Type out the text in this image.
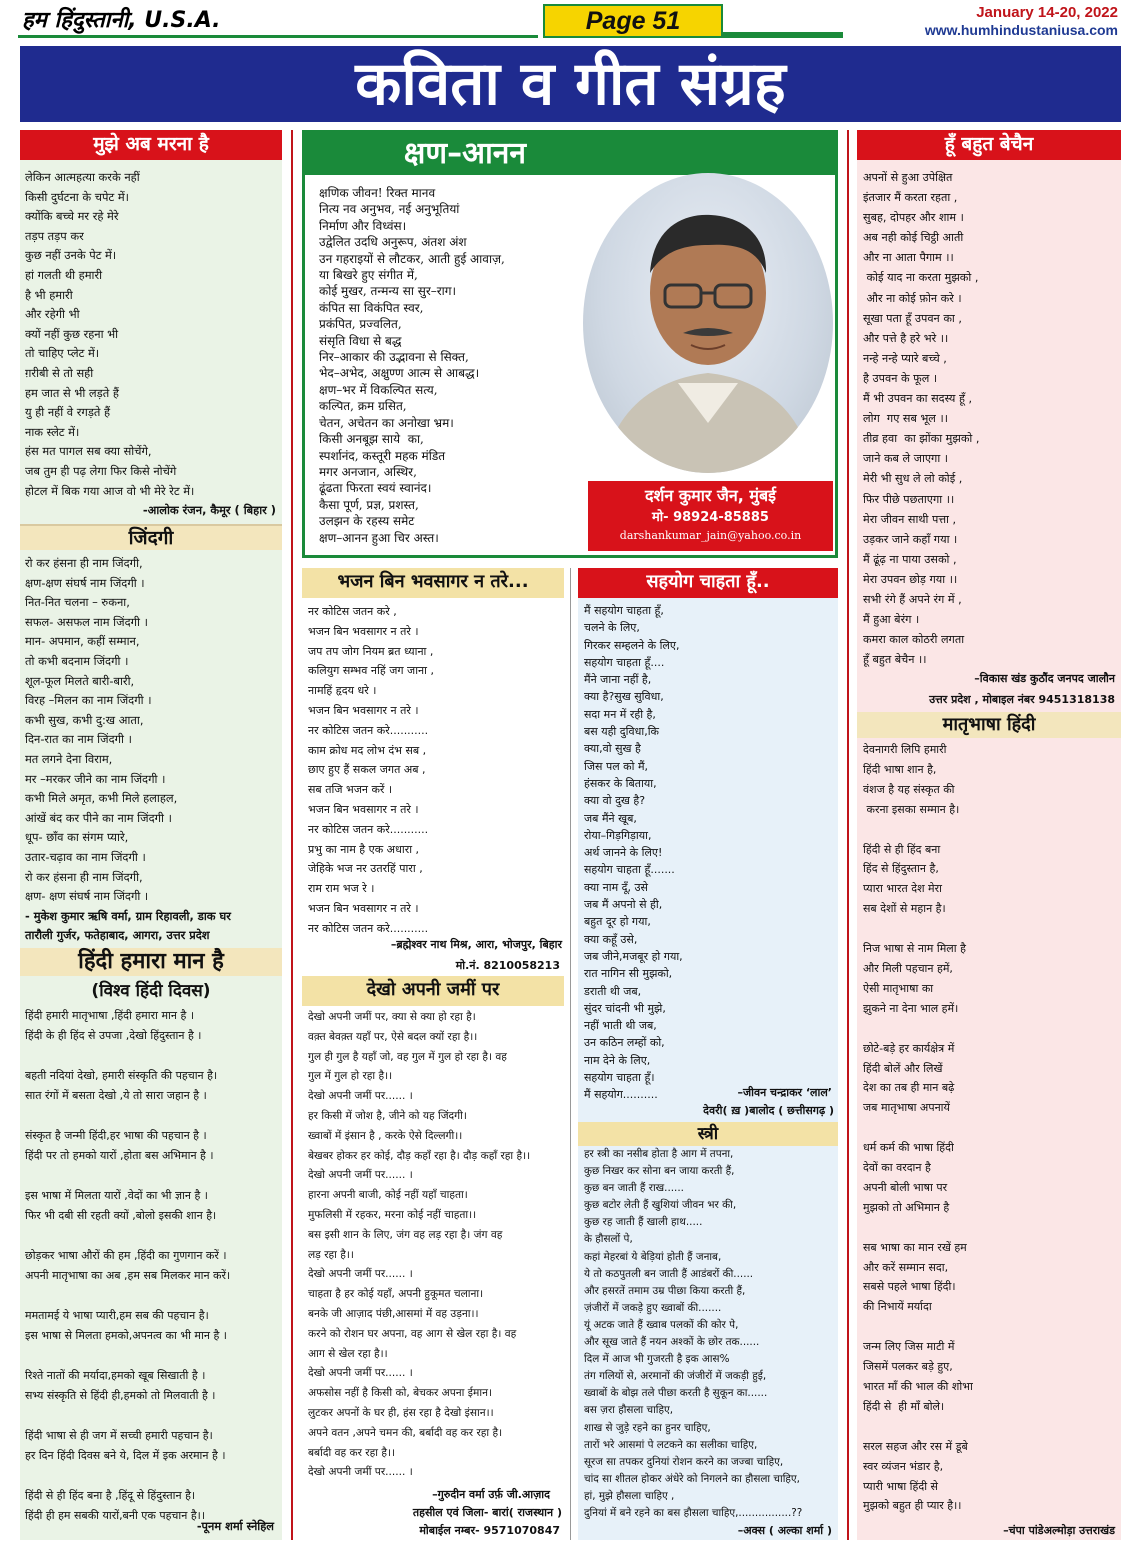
हम हिंदुस्तानी, U.S.A.	Page 51	January 14-20, 2022
www.humhindustaniusa.com
कविता व गीत संग्रह
मुझे अब मरना है
लेकिन आत्महत्या करके नहीं
किसी दुर्घटना के चपेट में।
क्योंकि बच्चे मर रहे मेरे
तड़प तड़प कर
कुछ नहीं उनके पेट में।
हां गलती थी हमारी
है भी हमारी
और रहेगी भी
क्यों नहीं कुछ रहना भी
तो चाहिए प्लेट में।
ग़रीबी से तो सही
हम जात से भी लड़ते हैं
यु ही नहीं वे रगड़ते हैं
नाक स्लेट में।
हंस मत पागल सब क्या सोचेंगे,
जब तुम ही पढ़ लेगा फिर किसे नोचेंगे
होटल में बिक गया आज वो भी मेरे रेट में।
-आलोक रंजन, कैमूर ( बिहार )
जिंदगी
रो कर हंसना ही नाम जिंदगी,
क्षण-क्षण संघर्ष नाम जिंदगी ।
नित-नित चलना – रुकना,
सफल- असफल नाम जिंदगी ।
मान- अपमान, कहीं सम्मान,
तो कभी बदनाम जिंदगी ।
शूल-फूल मिलते बारी-बारी,
विरह –मिलन का नाम जिंदगी ।
कभी सुख, कभी दु:ख आता,
दिन-रात का नाम जिंदगी ।
मत लगने देना विराम,
मर –मरकर जीने का नाम जिंदगी ।
कभी मिले अमृत, कभी मिले हलाहल,
आंखें बंद कर पीने का नाम जिंदगी ।
धूप- छाँव का संगम प्यारे,
उतार-चढ़ाव का नाम जिंदगी ।
रो कर हंसना ही नाम जिंदगी,
क्षण- क्षण संघर्ष नाम जिंदगी ।
- मुकेश कुमार ऋषि वर्मा, ग्राम रिहावली, डाक घर
तारौली गुर्जर, फतेहाबाद, आगरा, उत्तर प्रदेश
हिंदी हमारा मान है
(विश्व हिंदी दिवस)
हिंदी हमारी मातृभाषा ,हिंदी हमारा मान है ।
हिंदी के ही हिंद से उपजा ,देखो हिंदुस्तान है ।

बहती नदियां देखो, हमारी संस्कृति की पहचान है।
सात रंगों में बसता देखो ,ये तो सारा जहान है ।

संस्कृत है जन्मी हिंदी,हर भाषा की पहचान है ।
हिंदी पर तो हमको यारों ,होता बस अभिमान है ।

इस भाषा में मिलता यारों ,वेदों का भी ज्ञान है ।
फिर भी दबी सी रहती क्यों ,बोलो इसकी शान है।

छोड़कर भाषा औरों की हम ,हिंदी का गुणगान करें ।
अपनी मातृभाषा का अब ,हम सब मिलकर मान करें।

ममतामई ये भाषा प्यारी,हम सब की पहचान है।
इस भाषा से मिलता हमको,अपनत्व का भी मान है ।

रिश्ते नातों की मर्यादा,हमको खूब सिखाती है ।
सभ्य संस्कृति से हिंदी ही,हमको तो मिलवाती है ।

हिंदी भाषा से ही जग में सच्ची हमारी पहचान है।
हर दिन हिंदी दिवस बने ये, दिल में इक अरमान है ।

हिंदी से ही हिंद बना है ,हिंदू से हिंदुस्तान है।
हिंदी ही हम सबकी यारों,बनी एक पहचान है।।
-पूनम शर्मा स्नेहिल
क्षण–आनन
क्षणिक जीवन! रिक्त मानव
नित्य नव अनुभव, नई अनुभूतियां
निर्माण और विध्वंस।
उद्वेलित उदधि अनुरूप, अंतश अंश
उन गहराइयों से लौटकर, आती हुई आवाज़,
या बिखरे हुए संगीत में,
कोई मुखर, तन्मन्य सा सुर–राग।
कंपित सा विकंपित स्वर,
प्रकंपित, प्रज्वलित,
संसृति विधा से बद्ध
निर–आकार की उद्भावना से सिक्त,
भेद–अभेद, अक्षुण्ण आत्म से आबद्ध।
क्षण–भर में विकल्पित सत्य,
कल्पित, क्रम ग्रसित,
चेतन, अचेतन का अनोखा भ्रम।
किसी अनबूझ साये  का,
स्पर्शानंद, कस्तूरी महक मंडित
मगर अनजान, अस्थिर,
ढूंढता फिरता स्वयं स्वानंद।
कैसा पूर्ण, प्रज्ञ, प्रशस्त,
उलझन के रहस्य समेट
क्षण–आनन हुआ चिर अस्त।
दर्शन कुमार जैन, मुंबई
मो- 98924-85885
darshankumar_jain@yahoo.co.in
भजन बिन भवसागर न तरे...
नर कोटिस जतन करे ,
भजन बिन भवसागर न तरे ।
जप तप जोग नियम ब्रत ध्याना ,
कलियुग सम्भव नहिं जग जाना ,
नामहिं हृदय धरे ।
भजन बिन भवसागर न तरे ।
नर कोटिस जतन करे...........
काम क्रोध मद लोभ दंभ सब ,
छाए हुए हैं सकल जगत अब ,
सब तजि भजन करें ।
भजन बिन भवसागर न तरे ।
नर कोटिस जतन करे...........
प्रभु का नाम है एक अधारा ,
जेहिके भज नर उतरहिं पारा ,
राम राम भज रे ।
भजन बिन भवसागर न तरे ।
नर कोटिस जतन करे...........
–ब्रह्मेश्वर नाथ मिश्र, आरा, भोजपुर, बिहार
मो.नं. 8210058213
देखो अपनी जमीं पर
देखो अपनी जमीं पर, क्या से क्या हो रहा है।
वक़्त बेवक़्त यहाँ पर, ऐसे बदल क्यों रहा है।।
गुल ही गुल है यहाँ जो, वह गुल में गुल हो रहा है। वह
गुल में गुल हो रहा है।।
देखो अपनी जमीं पर...... ।
हर किसी में जोश है, जीने को यह जिंदगी।
ख्वाबों में इंसान है , करके ऐसे दिल्लगी।।
बेखबर होकर हर कोई, दौड़ कहाँ रहा है। दौड़ कहाँ रहा है।।
देखो अपनी जमीं पर...... ।
हारना अपनी बाजी, कोई नहीं यहाँ चाहता।
मुफलिसी में रहकर, मरना कोई नहीं चाहता।।
बस इसी शान के लिए, जंग वह लड़ रहा है। जंग वह
लड़ रहा है।।
देखो अपनी जमीं पर...... ।
चाहता है हर कोई यहाँ, अपनी हुकूमत चलाना।
बनके जी आज़ाद पंछी,आसमां में वह उड़ना।।
करने को रोशन घर अपना, वह आग से खेल रहा है। वह
आग से खेल रहा है।।
देखो अपनी जमीं पर...... ।
अफसोस नहीं है किसी को, बेचकर अपना ईमान।
लुटकर अपनों के घर ही, हंस रहा है देखो इंसान।।
अपने वतन ,अपने चमन की, बर्बादी वह कर रहा है।
बर्बादी वह कर रहा है।।
देखो अपनी जमीं पर...... ।
–गुरुदीन वर्मा उर्फ़ जी.आज़ाद
तहसील एवं जिला- बारां( राजस्थान )
मोबाईल नम्बर- 9571070847
सहयोग चाहता हूँ..
मैं सहयोग चाहता हूँ,
चलने के लिए,
गिरकर सम्हलने के लिए,
सहयोग चाहता हूँ....
मैंने जाना नहीं है,
क्या है?सुख सुविधा,
सदा मन में रही है,
बस यही दुविधा,कि
क्या,वो सुख है
जिस पल को मैं,
हंसकर के बिताया,
क्या वो दुख है?
जब मैंने खूब,
रोया–गिड़गिड़ाया,
अर्थ जानने के लिए!
सहयोग चाहता हूँ.......
क्या नाम दूँ, उसे
जब मैं अपनो से ही,
बहुत दूर हो गया,
क्या कहूँ उसे,
जब जीने,मजबूर हो गया,
रात नागिन सी मुझको,
डराती थी जब,
सुंदर चांदनी भी मुझे,
नहीं भाती थी जब,
उन कठिन लम्हों को,
नाम देने के लिए,
सहयोग चाहता हूँ।
मैं सहयोग..........	–जीवन चन्द्राकर ‘लाल’
देवरी( ख़ )बालोद ( छत्तीसगढ़ )
स्त्री
हर स्त्री का नसीब होता है आग में तपना,
कुछ निखर कर सोना बन जाया करती हैं,
कुछ बन जाती हैं राख......
कुछ बटोर लेती हैं खुशियां जीवन भर की,
कुछ रह जाती हैं खाली हाथ.....
के हौसलों पे,
कहां मेहरबां ये बेड़ियां होती हैं जनाब,
ये तो कठपुतली बन जाती हैं आडंबरों की......
और हसरतें तमाम उम्र पीछा किया करती हैं,
ज़ंजीरों में जकड़े हुए ख्वाबों की.......
यूं अटक जाते हैं ख्वाब पलकों की कोर पे,
और सूख जाते हैं नयन अश्कों के छोर तक......
दिल में आज भी गुजरती है इक आस%
तंग गलियों से, अरमानों की जंजीरों में जकड़ी हुई,
ख्वाबों के बोझ तले पीछा करती है सुकून का......
बस ज़रा हौसला चाहिए,
शाख से जुड़े रहने का हुनर चाहिए,
तारों भरे आसमां पे लटकने का सलीका चाहिए,
सूरज सा तपकर दुनियां रोशन करने का जज्बा चाहिए,
चांद सा शीतल होकर अंधेरे को निगलने का हौसला चाहिए,
हां, मुझे हौसला चाहिए ,
दुनियां में बने रहने का बस हौसला चाहिए,................??
–अक्स ( अल्का शर्मा )
हूँ बहुत बेचैन
अपनों से हुआ उपेक्षित
इंतजार मैं करता रहता ,
सुबह, दोपहर और शाम ।
अब नही कोई चिट्ठी आती
और ना आता पैगाम ।।
कोई याद ना करता मुझको ,
और ना कोई फ़ोन करे ।
सूखा पता हूँ उपवन का ,
और पत्ते है हरे भरे ।।
नन्हे नन्हे प्यारे बच्चे ,
है उपवन के फूल ।
मैं भी उपवन का सदस्य हूँ ,
लोग  गए सब भूल ।।
तीव्र हवा  का झोंका मुझको ,
जाने कब ले जाएगा ।
मेरी भी सुध ले लो कोई ,
फिर पीछे पछताएगा ।।
मेरा जीवन साथी पत्ता ,
उड़कर जाने कहाँ गया ।
मैं ढूंढ़ ना पाया उसको ,
मेरा उपवन छोड़ गया ।।
सभी रंगे हैं अपने रंग में ,
मैं हुआ बेरंग ।
कमरा काल कोठरी लगता
हूँ बहुत बेचैन ।।
–विकास खंड कुठौंद जनपद जालौन
उत्तर प्रदेश , मोबाइल नंबर 9451318138
मातृभाषा हिंदी
देवनागरी लिपि हमारी
हिंदी भाषा शान है,
वंशज है यह संस्कृत की
करना इसका सम्मान है।

हिंदी से ही हिंद बना
हिंद से हिंदुस्तान है,
प्यारा भारत देश मेरा
सब देशों से महान है।

निज भाषा से नाम मिला है
और मिली पहचान हमें,
ऐसी मातृभाषा का
झुकने ना देना भाल हमें।

छोटे-बड़े हर कार्यक्षेत्र में
हिंदी बोलें और लिखें
देश का तब ही मान बढ़े
जब मातृभाषा अपनायें

धर्म कर्म की भाषा हिंदी
देवों का वरदान है
अपनी बोली भाषा पर
मुझको तो अभिमान है

सब भाषा का मान रखें हम
और करें सम्मान सदा,
सबसे पहले भाषा हिंदी।
की निभायें मर्यादा

जन्म लिए जिस माटी में
जिसमें पलकर बड़े हुए,
भारत माँ की भाल की शोभा
हिंदी से  ही माँ बोले।

सरल सहज और रस में डूबे
स्वर व्यंजन भंडार है,
प्यारी भाषा हिंदी से
मुझको बहुत ही प्यार है।।
–चंपा पांडेअल्मोड़ा उत्तराखंड
